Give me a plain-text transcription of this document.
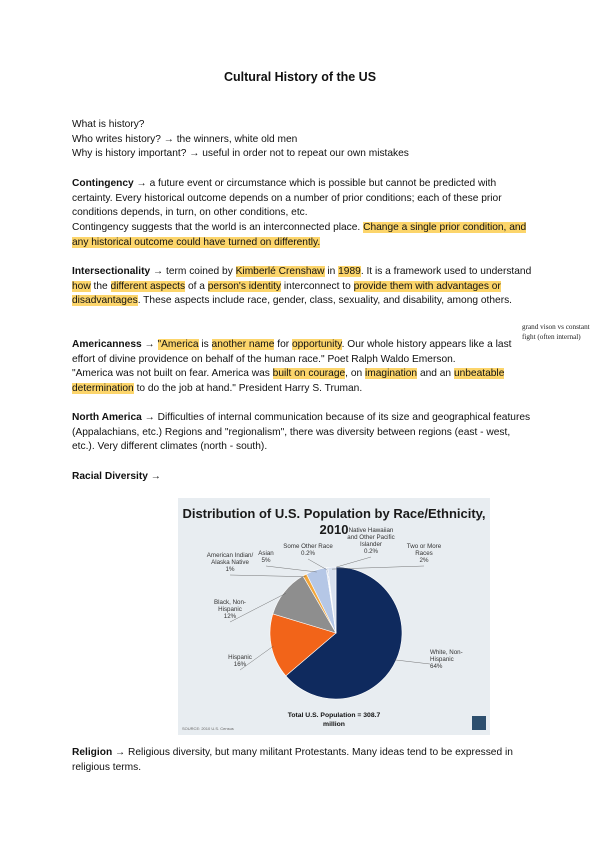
Cultural History of the US
What is history?
Who writes history? → the winners, white old men
Why is history important? → useful in order not to repeat our own mistakes
Contingency → a future event or circumstance which is possible but cannot be predicted with certainty. Every historical outcome depends on a number of prior conditions; each of these prior conditions depends, in turn, on other conditions, etc.
Contingency suggests that the world is an interconnected place. Change a single prior condition, and any historical outcome could have turned on differently.
Intersectionality → term coined by Kimberlé Crenshaw in 1989. It is a framework used to understand how the different aspects of a person's identity interconnect to provide them with advantages or disadvantages. These aspects include race, gender, class, sexuality, and disability, among others.
Americanness → "America is another name for opportunity. Our whole history appears like a last effort of divine providence on behalf of the human race." Poet Ralph Waldo Emerson.
"America was not built on fear. America was built on courage, on imagination and an unbeatable determination to do the job at hand." President Harry S. Truman.
grand vison vs constant fight (often internal)
North America → Difficulties of internal communication because of its size and geographical features (Appalachians, etc.) Regions and "regionalism", there was diversity between regions (east - west, etc.). Very different climates (north - south).
Racial Diversity →
Distribution of U.S. Population by Race/Ethnicity, 2010
White, Non-Hispanic 64%
Hispanic 16%
Black, Non-Hispanic 12%
American Indian/ Alaska Native 1%
Asian 5%
Some Other Race 0.2%
Native Hawaiian and Other Pacific Islander 0.2%
Two or More Races 2%
Total U.S. Population = 308.7 million
SOURCE: 2010 U.S. Census
Religion → Religious diversity, but many militant Protestants. Many ideas tend to be expressed in religious terms.
